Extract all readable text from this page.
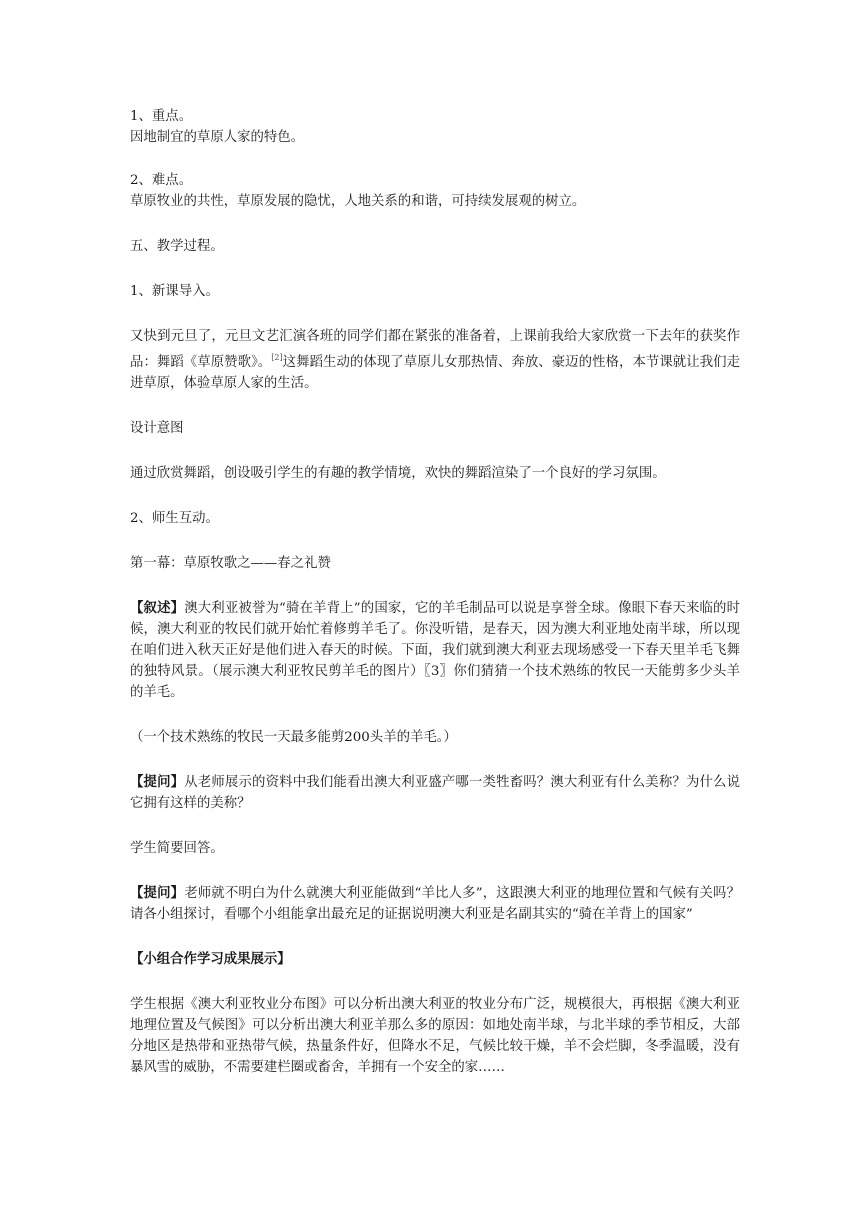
1、重点。

因地制宜的草原人家的特色。

2、难点。

草原牧业的共性，草原发展的隐忧，人地关系的和谐，可持续发展观的树立。

五、教学过程。

1、新课导入。

又快到元旦了，元旦文艺汇演各班的同学们都在紧张的准备着，上课前我给大家欣赏一下去年的获奖作品：舞蹈《草原赞歌》。[2]这舞蹈生动的体现了草原儿女那热情、奔放、豪迈的性格，本节课就让我们走进草原，体验草原人家的生活。

设计意图

通过欣赏舞蹈，创设吸引学生的有趣的教学情境，欢快的舞蹈渲染了一个良好的学习氛围。

2、师生互动。

第一幕：草原牧歌之——春之礼赞

【叙述】澳大利亚被誉为“骑在羊背上”的国家，它的羊毛制品可以说是享誉全球。像眼下春天来临的时候，澳大利亚的牧民们就开始忙着修剪羊毛了。你没听错，是春天，因为澳大利亚地处南半球，所以现在咱们进入秋天正好是他们进入春天的时候。下面，我们就到澳大利亚去现场感受一下春天里羊毛飞舞的独特风景。（展示澳大利亚牧民剪羊毛的图片）〖3〗你们猜猜一个技术熟练的牧民一天能剪多少头羊的羊毛。

（一个技术熟练的牧民一天最多能剪200头羊的羊毛。）

【提问】从老师展示的资料中我们能看出澳大利亚盛产哪一类牲畜吗？澳大利亚有什么美称？为什么说它拥有这样的美称？

学生简要回答。

【提问】老师就不明白为什么就澳大利亚能做到“羊比人多”，这跟澳大利亚的地理位置和气候有关吗？请各小组探讨，看哪个小组能拿出最充足的证据说明澳大利亚是名副其实的“骑在羊背上的国家”

【小组合作学习成果展示】

学生根据《澳大利亚牧业分布图》可以分析出澳大利亚的牧业分布广泛，规模很大，再根据《澳大利亚地理位置及气候图》可以分析出澳大利亚羊那么多的原因：如地处南半球，与北半球的季节相反，大部分地区是热带和亚热带气候，热量条件好，但降水不足，气候比较干燥，羊不会烂脚，冬季温暖，没有暴风雪的威胁，不需要建栏圈或畜舍，羊拥有一个安全的家……
